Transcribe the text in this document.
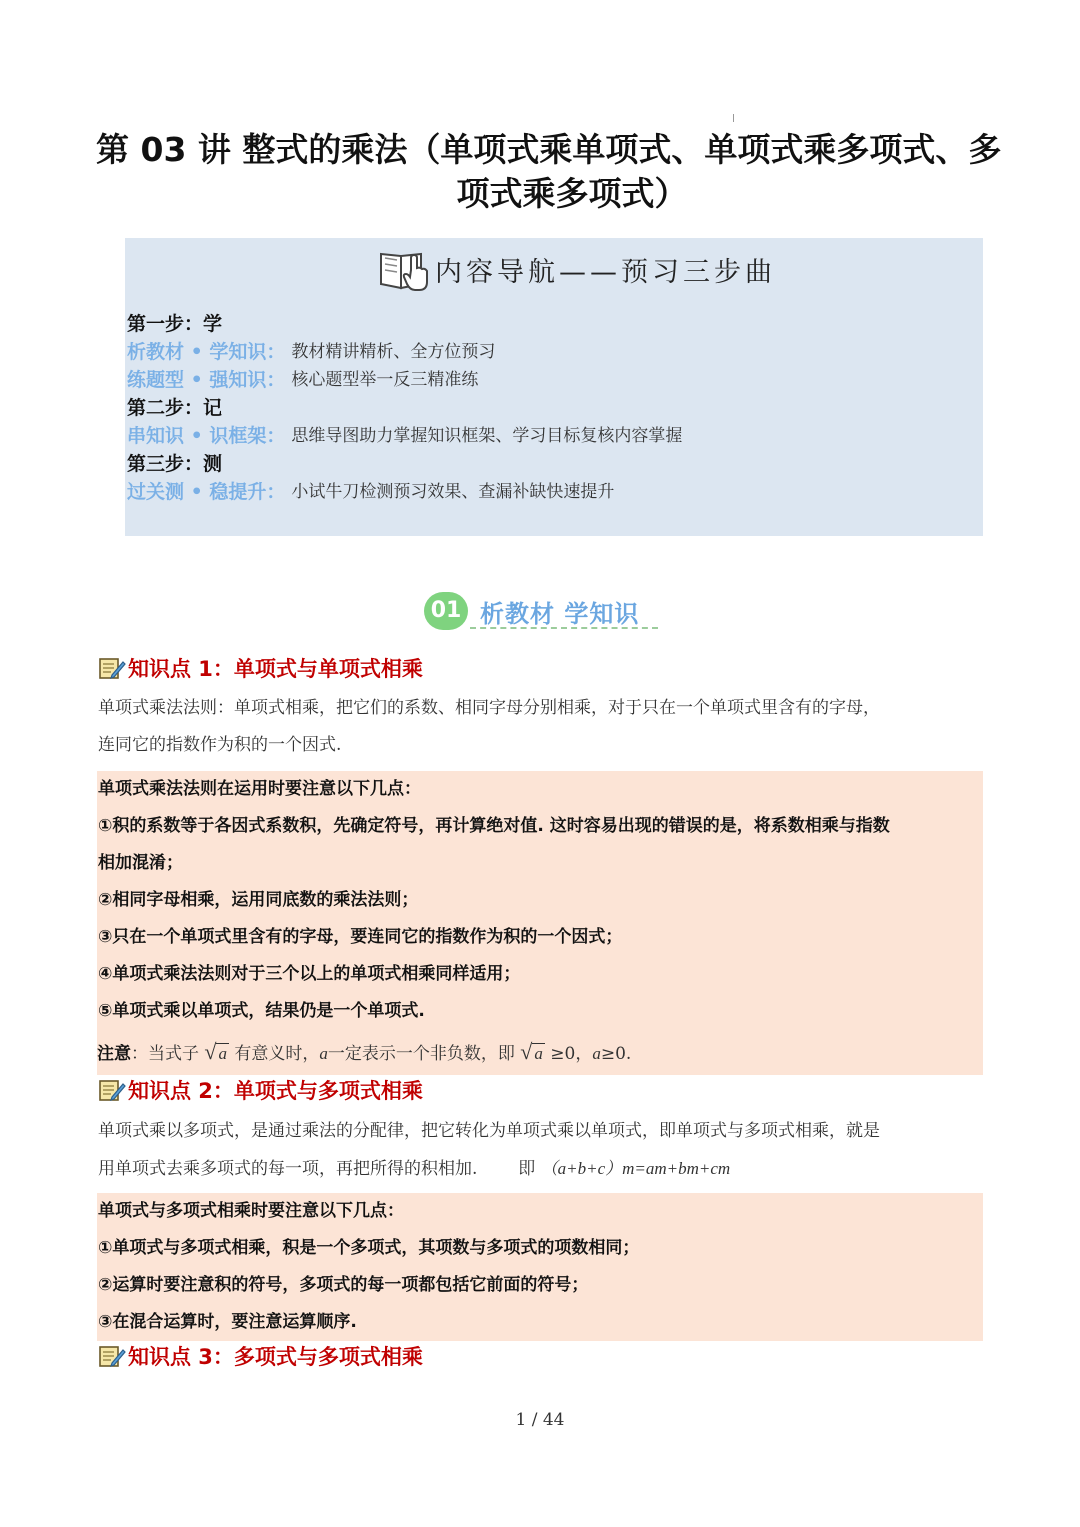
第 03 讲 整式的乘法（单项式乘单项式、单项式乘多项式、多
项式乘多项式）
内容导航——预习三步曲
第一步：学
析教材 • 学知识： 教材精讲精析、全方位预习
练题型 • 强知识： 核心题型举一反三精准练
第二步：记
串知识 • 识框架： 思维导图助力掌握知识框架、学习目标复核内容掌握
第三步：测
过关测 • 稳提升： 小试牛刀检测预习效果、查漏补缺快速提升
01 析教材 学知识
知识点 1：单项式与单项式相乘
单项式乘法法则：单项式相乘，把它们的系数、相同字母分别相乘，对于只在一个单项式里含有的字母，
连同它的指数作为积的一个因式.
单项式乘法法则在运用时要注意以下几点：
①积的系数等于各因式系数积，先确定符号，再计算绝对值. 这时容易出现的错误的是，将系数相乘与指数
相加混淆；
②相同字母相乘，运用同底数的乘法法则；
③只在一个单项式里含有的字母，要连同它的指数作为积的一个因式；
④单项式乘法法则对于三个以上的单项式相乘同样适用；
⑤单项式乘以单项式，结果仍是一个单项式.
注意：当式子 √ a 有意义时，a一定表示一个非负数，即 √ a ≥0，a≥0.
知识点 2：单项式与多项式相乘
单项式乘以多项式，是通过乘法的分配律，把它转化为单项式乘以单项式，即单项式与多项式相乘，就是
用单项式去乘多项式的每一项，再把所得的积相加. 即 （a+b+c）m=am+bm+cm
单项式与多项式相乘时要注意以下几点：
①单项式与多项式相乘，积是一个多项式，其项数与多项式的项数相同；
②运算时要注意积的符号，多项式的每一项都包括它前面的符号；
③在混合运算时，要注意运算顺序.
知识点 3：多项式与多项式相乘
1 / 44
